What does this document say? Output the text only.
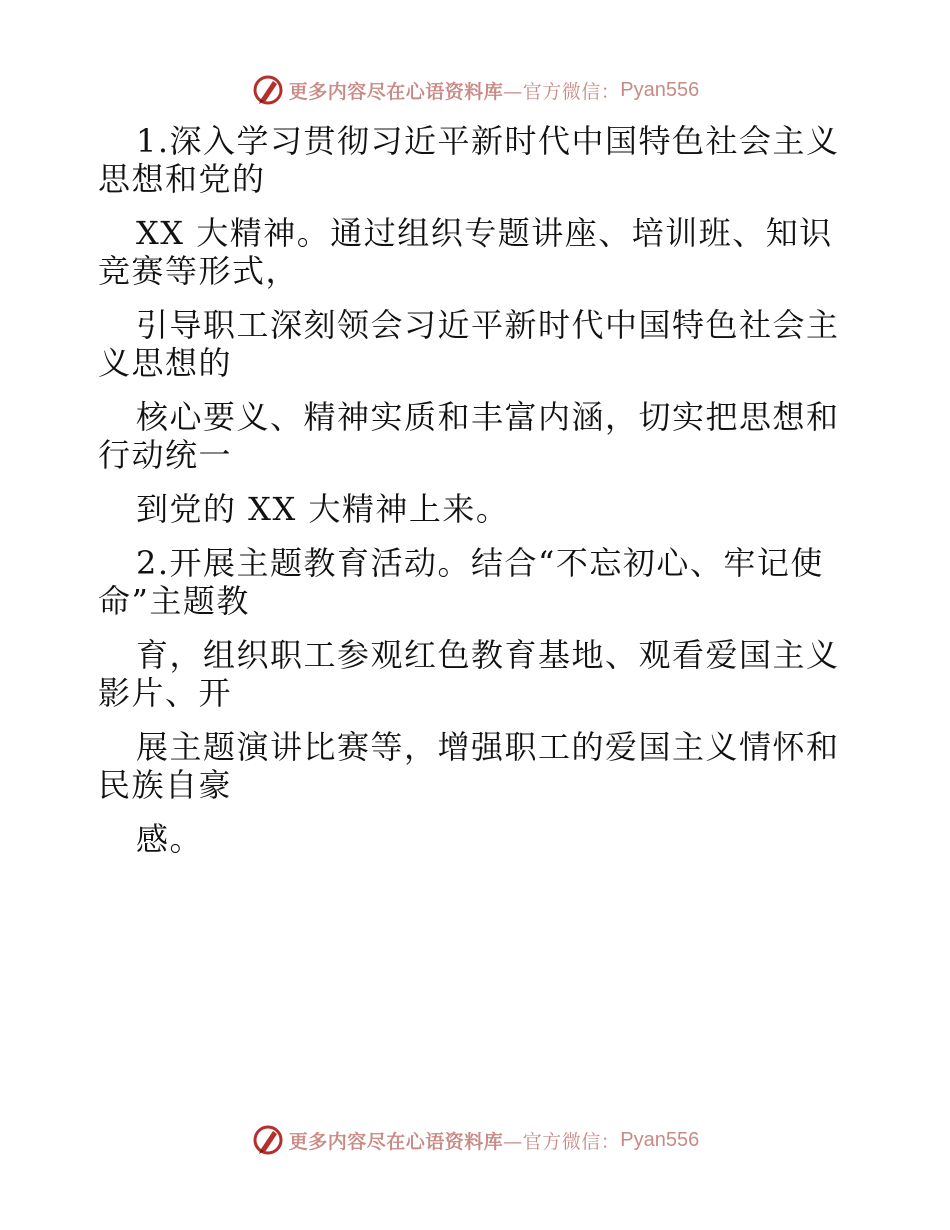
更多内容尽在心语资料库 —官方微信： Pyan556
1.深入学习贯彻习近平新时代中国特色社会主义
思想和党的
XX 大精神。通过组织专题讲座、培训班、知识
竞赛等形式，
引导职工深刻领会习近平新时代中国特色社会主
义思想的
核心要义、精神实质和丰富内涵，切实把思想和
行动统一
到党的 XX 大精神上来。
2.开展主题教育活动。结合“不忘初心、牢记使
命”主题教
育，组织职工参观红色教育基地、观看爱国主义
影片、开
展主题演讲比赛等，增强职工的爱国主义情怀和
民族自豪
感。
更多内容尽在心语资料库 —官方微信： Pyan556
